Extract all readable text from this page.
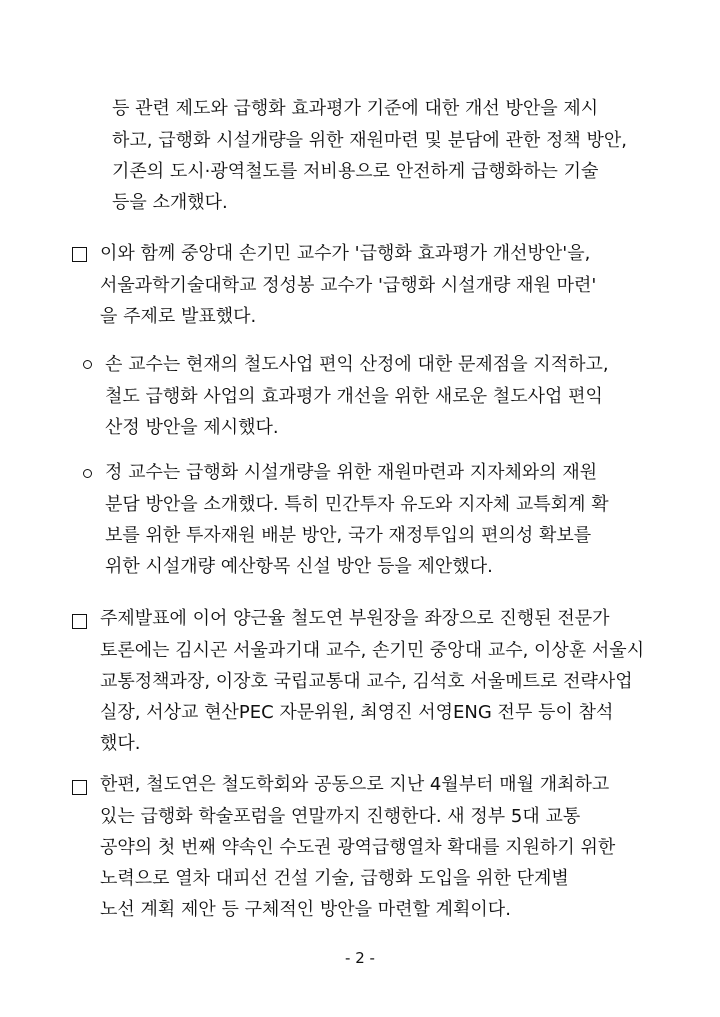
등 관련 제도와 급행화 효과평가 기준에 대한 개선 방안을 제시
하고, 급행화 시설개량을 위한 재원마련 및 분담에 관한 정책 방안,
기존의 도시·광역철도를 저비용으로 안전하게 급행화하는 기술
등을 소개했다.
이와 함께 중앙대 손기민 교수가 '급행화 효과평가 개선방안'을,
서울과학기술대학교 정성봉 교수가 '급행화 시설개량 재원 마련'
을 주제로 발표했다.
손 교수는 현재의 철도사업 편익 산정에 대한 문제점을 지적하고,
철도 급행화 사업의 효과평가 개선을 위한 새로운 철도사업 편익
산정 방안을 제시했다.
정 교수는 급행화 시설개량을 위한 재원마련과 지자체와의 재원
분담 방안을 소개했다. 특히 민간투자 유도와 지자체 교특회계 확
보를 위한 투자재원 배분 방안, 국가 재정투입의 편의성 확보를
위한 시설개량 예산항목 신설 방안 등을 제안했다.
주제발표에 이어 양근율 철도연 부원장을 좌장으로 진행된 전문가
토론에는 김시곤 서울과기대 교수, 손기민 중앙대 교수, 이상훈 서울시
교통정책과장, 이장호 국립교통대 교수, 김석호 서울메트로 전략사업
실장, 서상교 현산PEC 자문위원, 최영진 서영ENG 전무 등이 참석
했다.
한편, 철도연은 철도학회와 공동으로 지난 4월부터 매월 개최하고
있는 급행화 학술포럼을 연말까지 진행한다. 새 정부 5대 교통
공약의 첫 번째 약속인 수도권 광역급행열차 확대를 지원하기 위한
노력으로 열차 대피선 건설 기술, 급행화 도입을 위한 단계별
노선 계획 제안 등 구체적인 방안을 마련할 계획이다.
- 2 -
